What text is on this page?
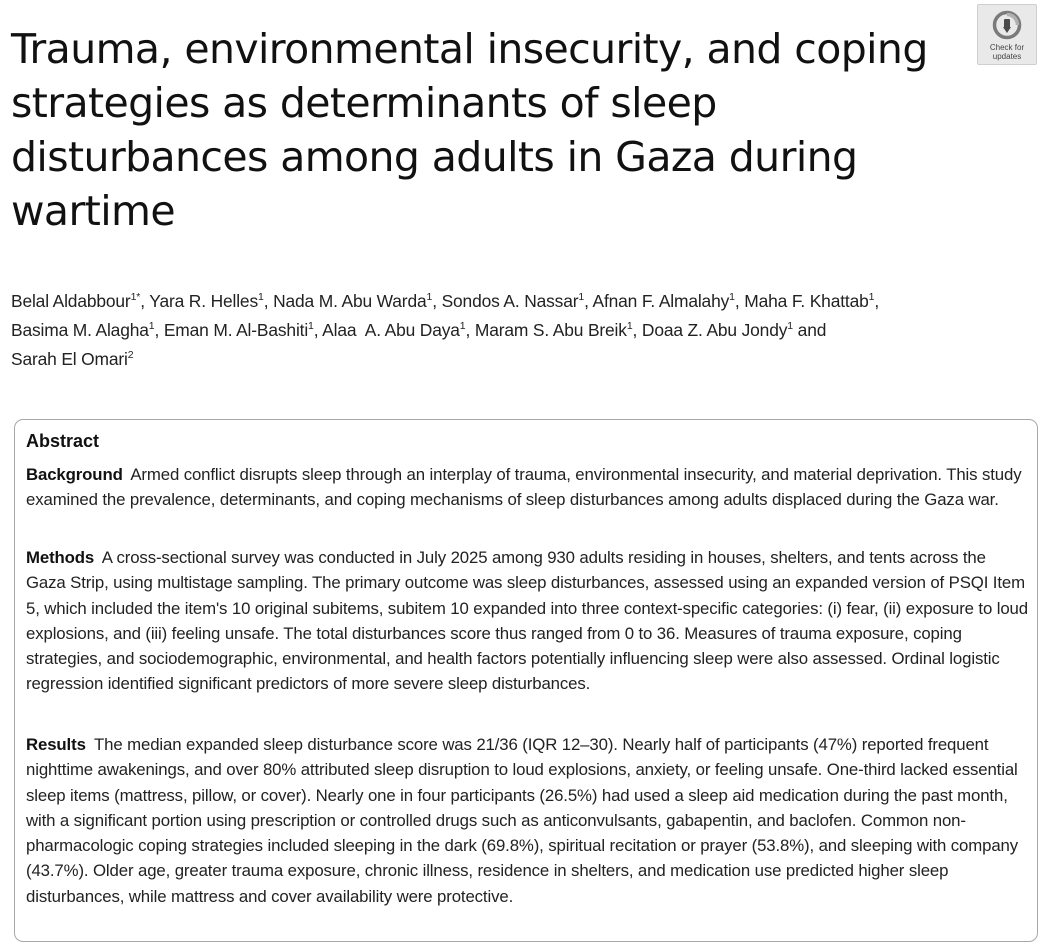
Trauma, environmental insecurity, and coping strategies as determinants of sleep disturbances among adults in Gaza during wartime
Check for updates

Belal Aldabbour$^{1*}$, Yara R. Helles$^1$, Nada M. Abu Warda$^1$, Sondos A. Nassar$^1$, Afnan F. Almalahy$^1$, Maha F. Khattab$^1$,
Basima M. Alagha$^1$, Eman M. Al-Bashiti$^1$, Alaa  A. Abu Daya$^1$, Maram S. Abu Breik$^1$, Doaa Z. Abu Jondy$^1$ and
Sarah El Omari$^2$

Abstract

Background Armed conflict disrupts sleep through an interplay of trauma, environmental insecurity, and material deprivation. This study examined the prevalence, determinants, and coping mechanisms of sleep disturbances among adults displaced during the Gaza war.

Methods A cross-sectional survey was conducted in July 2025 among 930 adults residing in houses, shelters, and tents across the Gaza Strip, using multistage sampling. The primary outcome was sleep disturbances, assessed using an expanded version of PSQI Item 5, which included the item's 10 original subitems, subitem 10 expanded into three context-specific categories: (i) fear, (ii) exposure to loud explosions, and (iii) feeling unsafe. The total disturbances score thus ranged from 0 to 36. Measures of trauma exposure, coping strategies, and sociodemographic, environmental, and health factors potentially influencing sleep were also assessed. Ordinal logistic regression identified significant predictors of more severe sleep disturbances.

Results The median expanded sleep disturbance score was 21/36 (IQR 12–30). Nearly half of participants (47%) reported frequent nighttime awakenings, and over 80% attributed sleep disruption to loud explosions, anxiety, or feeling unsafe. One-third lacked essential sleep items (mattress, pillow, or cover). Nearly one in four participants (26.5%) had used a sleep aid medication during the past month, with a significant portion using prescription or controlled drugs such as anticonvulsants, gabapentin, and baclofen. Common non-pharmacologic coping strategies included sleeping in the dark (69.8%), spiritual recitation or prayer (53.8%), and sleeping with company (43.7%). Older age, greater trauma exposure, chronic illness, residence in shelters, and medication use predicted higher sleep disturbances, while mattress and cover availability were protective.
